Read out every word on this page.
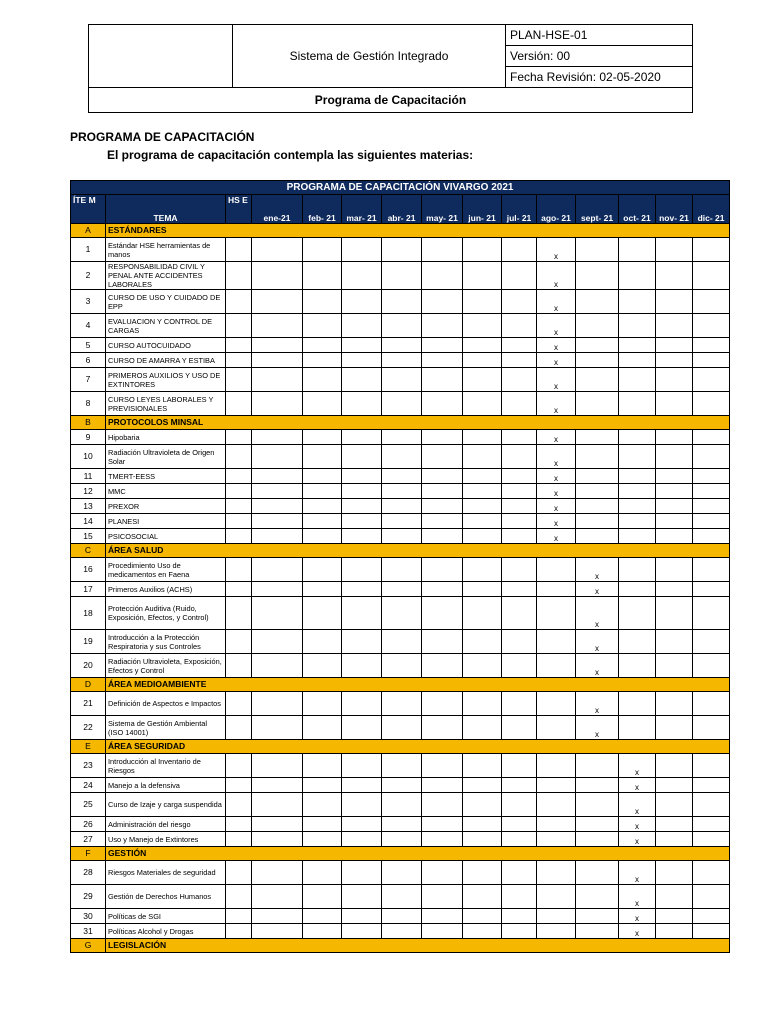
	Sistema de Gestión Integrado	PLAN-HSE-01
Versión: 00
Fecha Revisión: 02-05-2020
Programa de Capacitación
PROGRAMA DE CAPACITACIÓN
El programa de capacitación contempla las siguientes materias:
PROGRAMA DE CAPACITACIÓN VIVARGO 2021														
ÍTE M	TEMA	HS E	ene-21	feb- 21	mar- 21	abr- 21	may- 21	jun- 21	jul- 21	ago- 21	sept- 21	oct- 21	nov- 21	dic- 21
A	ESTÁNDARES													
1	Estándar HSE herramientas de manos									x				
2	RESPONSABILIDAD CIVIL Y PENAL ANTE ACCIDENTES LABORALES									x				
3	CURSO DE USO Y CUIDADO DE EPP									x				
4	EVALUACION Y CONTROL DE CARGAS									x				
5	CURSO AUTOCUIDADO									x				
6	CURSO DE AMARRA Y ESTIBA									x				
7	PRIMEROS AUXILIOS Y USO DE EXTINTORES									x				
8	CURSO LEYES LABORALES Y PREVISIONALES									x				
B	PROTOCOLOS MINSAL													
9	Hipobaria									x				
10	Radiación Ultravioleta de Origen Solar									x				
11	TMERT-EESS									x				
12	MMC									x				
13	PREXOR									x				
14	PLANESI									x				
15	PSICOSOCIAL									x				
C	ÁREA SALUD													
16	Procedimiento Uso de medicamentos en Faena										x			
17	Primeros Auxilios (ACHS)										x			
18	Protección Auditiva (Ruido, Exposición, Efectos, y Control)										x			
19	Introducción a la Protección Respiratoria y sus Controles										x			
20	Radiación Ultravioleta, Exposición, Efectos y Control										x			
D	ÁREA MEDIOAMBIENTE													
21	Definición de Aspectos e Impactos										x			
22	Sistema de Gestión Ambiental (ISO 14001)										x			
E	ÁREA SEGURIDAD													
23	Introducción al Inventario de Riesgos											x		
24	Manejo a la defensiva											x		
25	Curso de Izaje y carga suspendida											x		
26	Administración del riesgo											x		
27	Uso y Manejo de Extintores											x		
F	GESTIÓN													
28	Riesgos Materiales de seguridad											x		
29	Gestión de Derechos Humanos											x		
30	Políticas de SGI											x		
31	Políticas Alcohol y Drogas											x		
G	LEGISLACIÓN													
